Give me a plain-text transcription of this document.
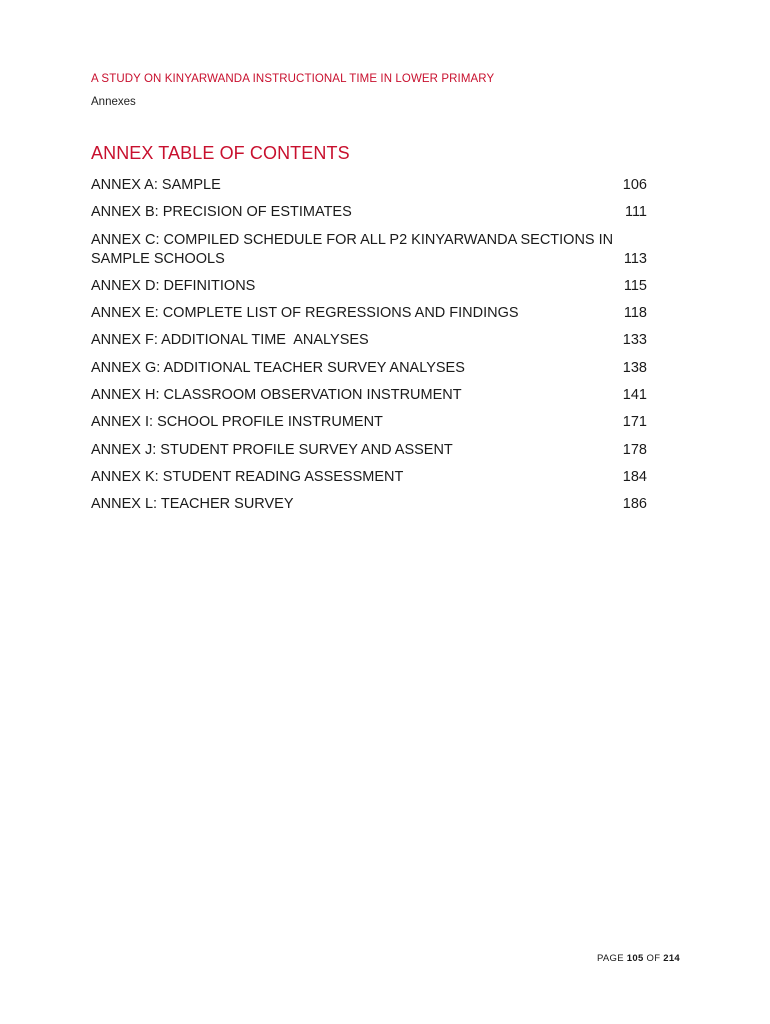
A STUDY ON KINYARWANDA INSTRUCTIONAL TIME IN LOWER PRIMARY
Annexes
ANNEX TABLE OF CONTENTS
ANNEX A: SAMPLE	106
ANNEX B: PRECISION OF ESTIMATES	111
ANNEX C: COMPILED SCHEDULE FOR ALL P2 KINYARWANDA SECTIONS IN
SAMPLE SCHOOLS	113
ANNEX D: DEFINITIONS	115
ANNEX E: COMPLETE LIST OF REGRESSIONS AND FINDINGS	118
ANNEX F: ADDITIONAL TIME  ANALYSES	133
ANNEX G: ADDITIONAL TEACHER SURVEY ANALYSES	138
ANNEX H: CLASSROOM OBSERVATION INSTRUMENT	141
ANNEX I: SCHOOL PROFILE INSTRUMENT	171
ANNEX J: STUDENT PROFILE SURVEY AND ASSENT	178
ANNEX K: STUDENT READING ASSESSMENT	184
ANNEX L: TEACHER SURVEY	186
PAGE 105 OF 214
